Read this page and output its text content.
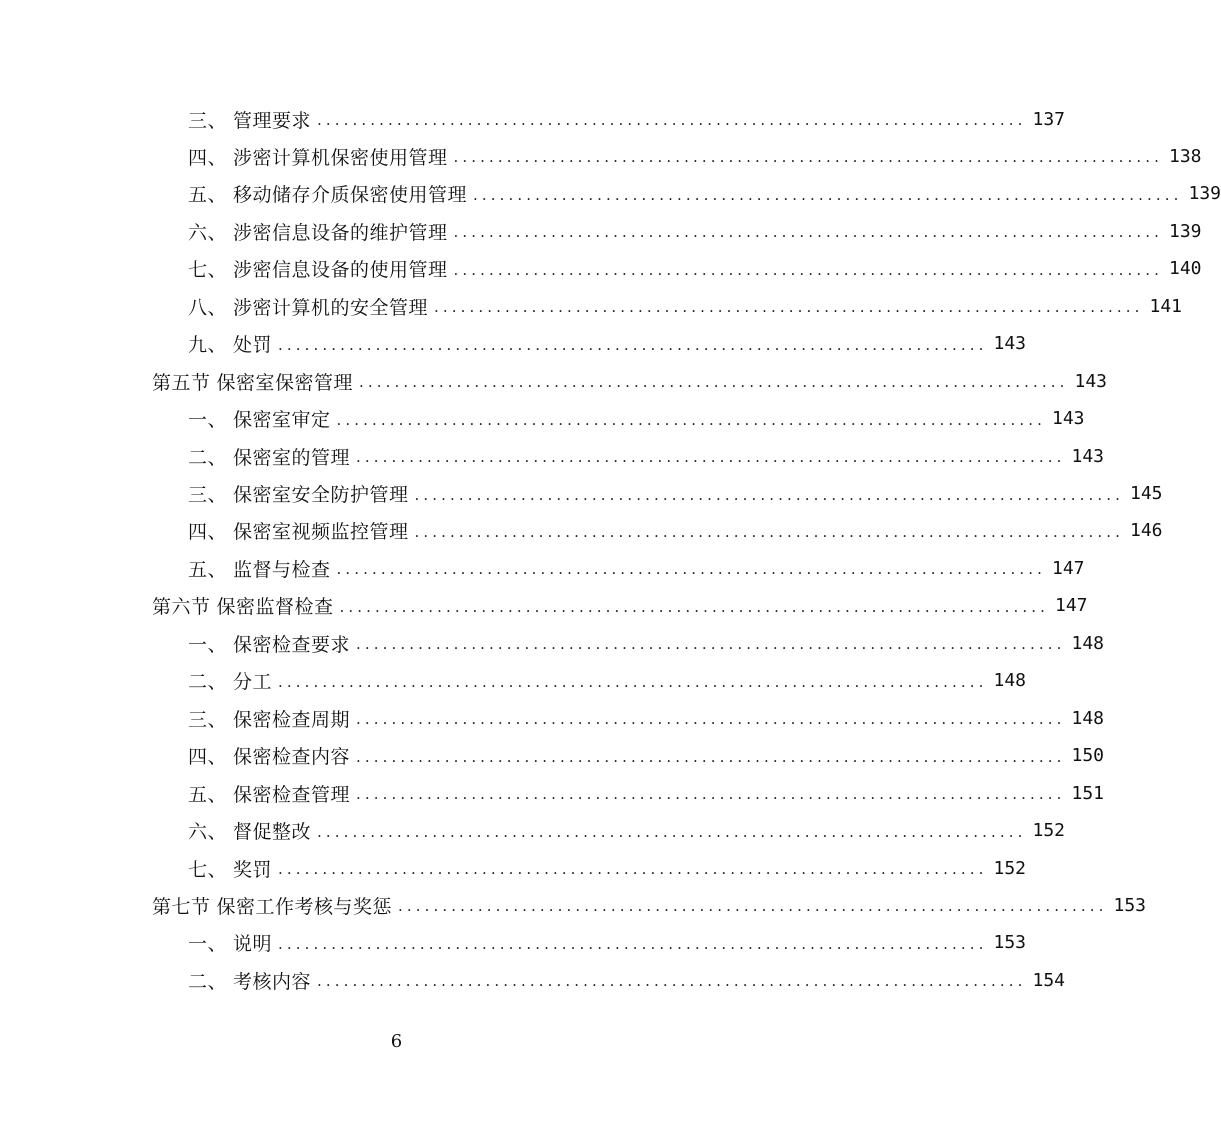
三、 管理要求 ................................................................................ 137
四、 涉密计算机保密使用管理 ................................................................................ 138
五、 移动储存介质保密使用管理 ................................................................................ 139
六、 涉密信息设备的维护管理 ................................................................................ 139
七、 涉密信息设备的使用管理 ................................................................................ 140
八、 涉密计算机的安全管理 ................................................................................ 141
九、 处罚 ................................................................................ 143
第五节 保密室保密管理 ................................................................................ 143
一、 保密室审定 ................................................................................ 143
二、 保密室的管理 ................................................................................ 143
三、 保密室安全防护管理 ................................................................................ 145
四、 保密室视频监控管理 ................................................................................ 146
五、 监督与检查 ................................................................................ 147
第六节 保密监督检查 ................................................................................ 147
一、 保密检查要求 ................................................................................ 148
二、 分工 ................................................................................ 148
三、 保密检查周期 ................................................................................ 148
四、 保密检查内容 ................................................................................ 150
五、 保密检查管理 ................................................................................ 151
六、 督促整改 ................................................................................ 152
七、 奖罚 ................................................................................ 152
第七节 保密工作考核与奖惩 ................................................................................ 153
一、 说明 ................................................................................ 153
二、 考核内容 ................................................................................ 154
6
